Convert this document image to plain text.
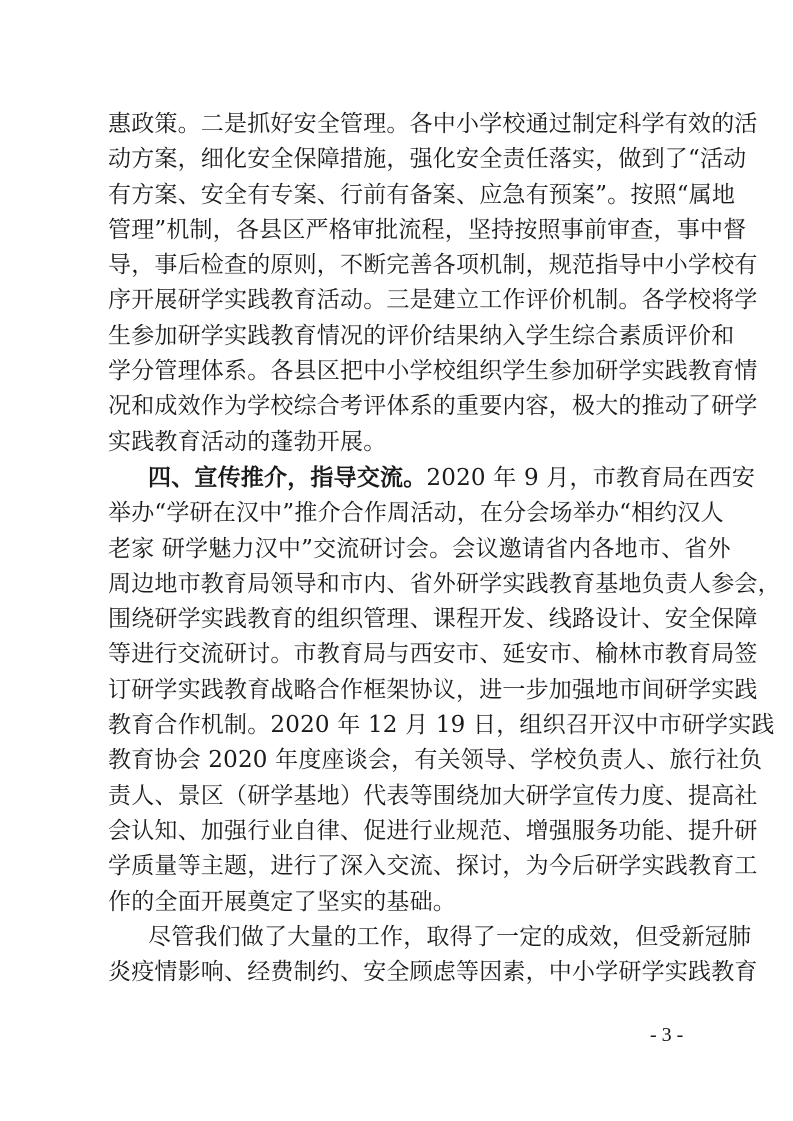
惠政策。二是抓好安全管理。各中小学校通过制定科学有效的活
动方案，细化安全保障措施，强化安全责任落实，做到了“活动
有方案、安全有专案、行前有备案、应急有预案”。按照“属地
管理”机制，各县区严格审批流程，坚持按照事前审查，事中督
导，事后检查的原则，不断完善各项机制，规范指导中小学校有
序开展研学实践教育活动。三是建立工作评价机制。各学校将学
生参加研学实践教育情况的评价结果纳入学生综合素质评价和
学分管理体系。各县区把中小学校组织学生参加研学实践教育情
况和成效作为学校综合考评体系的重要内容，极大的推动了研学
实践教育活动的蓬勃开展。
四、宣传推介，指导交流。2020 年 9 月，市教育局在西安
举办“学研在汉中”推介合作周活动，在分会场举办“相约汉人
老家 研学魅力汉中”交流研讨会。会议邀请省内各地市、省外
周边地市教育局领导和市内、省外研学实践教育基地负责人参会，
围绕研学实践教育的组织管理、课程开发、线路设计、安全保障
等进行交流研讨。市教育局与西安市、延安市、榆林市教育局签
订研学实践教育战略合作框架协议，进一步加强地市间研学实践
教育合作机制。2020 年 12 月 19 日，组织召开汉中市研学实践
教育协会 2020 年度座谈会，有关领导、学校负责人、旅行社负
责人、景区（研学基地）代表等围绕加大研学宣传力度、提高社
会认知、加强行业自律、促进行业规范、增强服务功能、提升研
学质量等主题，进行了深入交流、探讨，为今后研学实践教育工
作的全面开展奠定了坚实的基础。
尽管我们做了大量的工作，取得了一定的成效，但受新冠肺
炎疫情影响、经费制约、安全顾虑等因素，中小学研学实践教育
- 3 -
